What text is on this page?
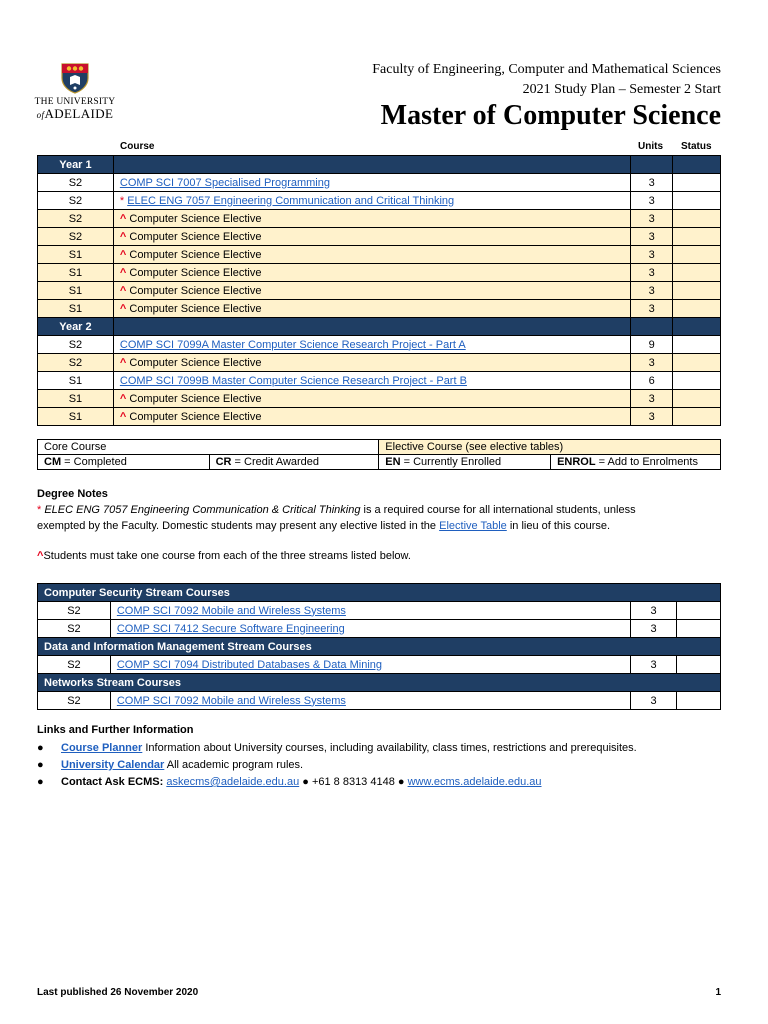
THE UNIVERSITY
ofADELAIDE
Faculty of Engineering, Computer and Mathematical Sciences
2021 Study Plan – Semester 2 Start
Master of Computer Science
Course	Units Status
Year 1			
S2	COMP SCI 7007 Specialised Programming	3	
S2	* ELEC ENG 7057 Engineering Communication and Critical Thinking	3	
S2	^ Computer Science Elective	3	
S2	^ Computer Science Elective	3	
S1	^ Computer Science Elective	3	
S1	^ Computer Science Elective	3	
S1	^ Computer Science Elective	3	
S1	^ Computer Science Elective	3	
Year 2			
S2	COMP SCI 7099A Master Computer Science Research Project - Part A	9	
S2	^ Computer Science Elective	3	
S1	COMP SCI 7099B Master Computer Science Research Project - Part B	6	
S1	^ Computer Science Elective	3	
S1	^ Computer Science Elective	3	
Core Course		Elective Course (see elective tables)	
CM = Completed	CR = Credit Awarded	EN = Currently Enrolled	ENROL = Add to Enrolments
Degree Notes
* ELEC ENG 7057 Engineering Communication & Critical Thinking is a required course for all international students, unless
exempted by the Faculty. Domestic students may present any elective listed in the Elective Table in lieu of this course.
^Students must take one course from each of the three streams listed below.
Computer Security Stream Courses			
S2	COMP SCI 7092 Mobile and Wireless Systems	3	
S2	COMP SCI 7412 Secure Software Engineering	3	
Data and Information Management Stream Courses			
S2	COMP SCI 7094 Distributed Databases & Data Mining	3	
Networks Stream Courses			
S2	COMP SCI 7092 Mobile and Wireless Systems	3	
Links and Further Information
● Course Planner Information about University courses, including availability, class times, restrictions and prerequisites.
● University Calendar All academic program rules.
● Contact Ask ECMS: askecms@adelaide.edu.au ● +61 8 8313 4148 ● www.ecms.adelaide.edu.au
Last published 26 November 2020	1
